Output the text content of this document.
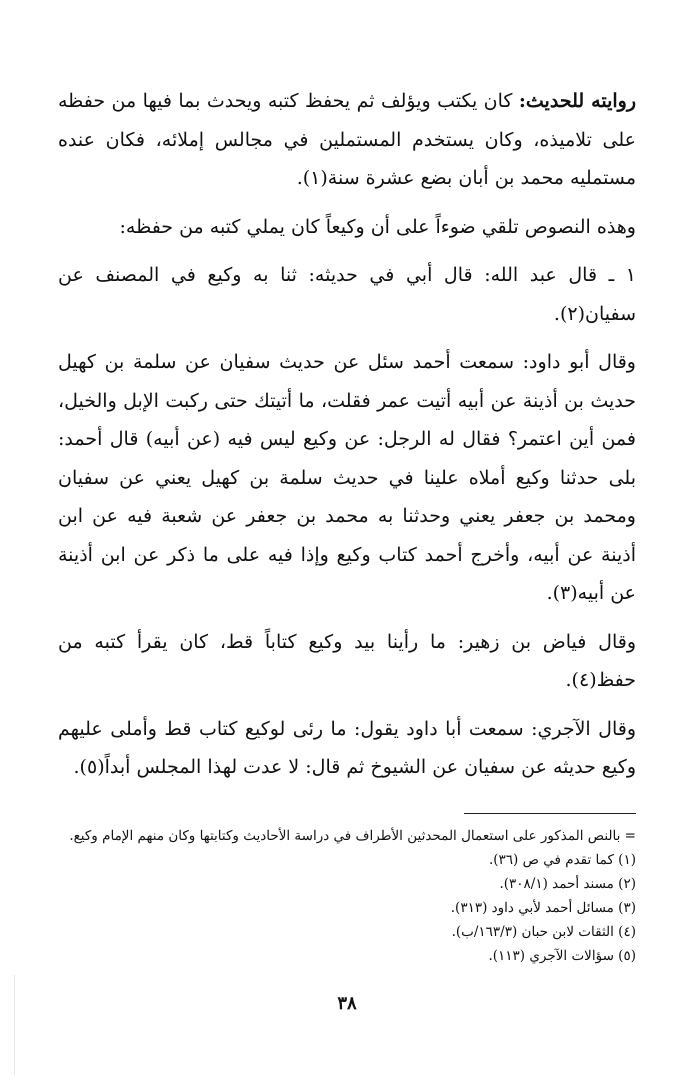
روايته للحديث: كان يكتب ويؤلف ثم يحفظ كتبه ويحدث بما فيها من حفظه على تلاميذه، وكان يستخدم المستملين في مجالس إملائه، فكان عنده مستمليه محمد بن أبان بضع عشرة سنة(١).

وهذه النصوص تلقي ضوءاً على أن وكيعاً كان يملي كتبه من حفظه:

١ ـ قال عبد الله: قال أبي في حديثه: ثنا به وكيع في المصنف عن سفيان(٢).

وقال أبو داود: سمعت أحمد سئل عن حديث سفيان عن سلمة بن كهيل حديث بن أذينة عن أبيه أتيت عمر فقلت، ما أتيتك حتى ركبت الإبل والخيل، فمن أين اعتمر؟ فقال له الرجل: عن وكيع ليس فيه (عن أبيه) قال أحمد: بلى حدثنا وكيع أملاه علينا في حديث سلمة بن كهيل يعني عن سفيان ومحمد بن جعفر يعني وحدثنا به محمد بن جعفر عن شعبة فيه عن ابن أذينة عن أبيه، وأخرج أحمد كتاب وكيع وإذا فيه على ما ذكر عن ابن أذينة عن أبيه(٣).

وقال فياض بن زهير: ما رأينا بيد وكيع كتاباً قط، كان يقرأ كتبه من حفظ(٤).

وقال الآجري: سمعت أبا داود يقول: ما رئى لوكيع كتاب قط وأملى عليهم وكيع حديثه عن سفيان عن الشيوخ ثم قال: لا عدت لهذا المجلس أبداً(٥).

= بالنص المذكور على استعمال المحدثين الأطراف في دراسة الأحاديث وكتابتها وكان منهم الإمام وكيع.

(١) كما تقدم في ص (٣٦).

(٢) مسند أحمد (٣٠٨/١).

(٣) مسائل أحمد لأبي داود (٣١٣).

(٤) الثقات لابن حبان (١٦٣/٣/ب).

(٥) سؤالات الآجري (١١٣).

٣٨
